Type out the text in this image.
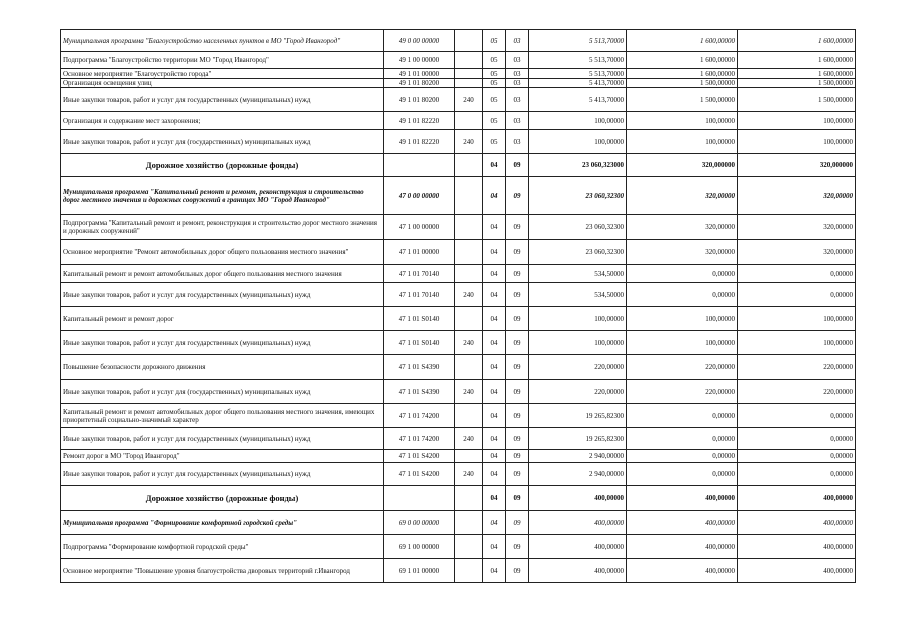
Муниципальная программа "Благоустройство населенных пунктов в МО "Город Ивангород"	49 0 00 00000		05	03	5 513,70000	1 600,00000	1 600,00000
Подпрограмма "Благоустройство территории МО "Город Ивангород"	49 1 00 00000		05	03	5 513,70000	1 600,00000	1 600,00000
Основное мероприятие "Благоустройство города"	49 1 01 00000		05	03	5 513,70000	1 600,00000	1 600,00000
Организация освещения улиц	49 1 01 80200		05	03	5 413,70000	1 500,00000	1 500,00000
Иные закупки товаров, работ и услуг для государственных (муниципальных) нужд	49 1 01 80200	240	05	03	5 413,70000	1 500,00000	1 500,00000
Организация и содержание мест захоронения;	49 1 01 82220		05	03	100,00000	100,00000	100,00000
Иные закупки товаров, работ и услуг для (государственных) муниципальных нужд	49 1 01 82220	240	05	03	100,00000	100,00000	100,00000
Дорожное хозяйство (дорожные фонды)			04	09	23 060,323000	320,000000	320,000000
Муниципальная программа "Капитальный ремонт и ремонт, реконструкция и строительство дорог местного значения и дорожных сооружений в границах МО "Город Ивангород"	47 0 00 00000		04	09	23 060,32300	320,00000	320,00000
Подпрограмма "Капитальный ремонт и ремонт, реконструкция и строительство дорог местного значения и дорожных сооружений"	47 1 00 00000		04	09	23 060,32300	320,00000	320,00000
Основное мероприятие "Ремонт автомобильных дорог общего пользования местного значения"	47 1 01 00000		04	09	23 060,32300	320,00000	320,00000
Капитальный ремонт и ремонт автомобильных дорог общего пользования местного значения	47 1 01 70140		04	09	534,50000	0,00000	0,00000
Иные закупки товаров, работ и услуг для государственных (муниципальных) нужд	47 1 01 70140	240	04	09	534,50000	0,00000	0,00000
Капитальный ремонт и ремонт дорог	47 1 01 S0140		04	09	100,00000	100,00000	100,00000
Иные закупки товаров, работ и услуг для государственных (муниципальных) нужд	47 1 01 S0140	240	04	09	100,00000	100,00000	100,00000
Повышение безопасности дорожного движения	47 1 01 S4390		04	09	220,00000	220,00000	220,00000
Иные закупки товаров, работ и услуг для (государственных) муниципальных нужд	47 1 01 S4390	240	04	09	220,00000	220,00000	220,00000
Капитальный ремонт и ремонт автомобильных дорог общего пользования местного значения, имеющих приоритетный социально-значимый характер	47 1 01 74200		04	09	19 265,82300	0,00000	0,00000
Иные закупки товаров, работ и услуг для государственных (муниципальных) нужд	47 1 01 74200	240	04	09	19 265,82300	0,00000	0,00000
Ремонт дорог в МО "Город Ивангород"	47 1 01 S4200		04	09	2 940,00000	0,00000	0,00000
Иные закупки товаров, работ и услуг для государственных (муниципальных) нужд	47 1 01 S4200	240	04	09	2 940,00000	0,00000	0,00000
Дорожное хозяйство (дорожные фонды)			04	09	400,00000	400,00000	400,00000
Муниципальная программа "Формирование комфортной городской среды"	69 0 00 00000		04	09	400,00000	400,00000	400,00000
Подпрограмма "Формирование комфортной городской среды"	69 1 00 00000		04	09	400,00000	400,00000	400,00000
Основное мероприятие "Повышение уровня благоустройства дворовых территорий г.Ивангород	69 1 01 00000		04	09	400,00000	400,00000	400,00000
